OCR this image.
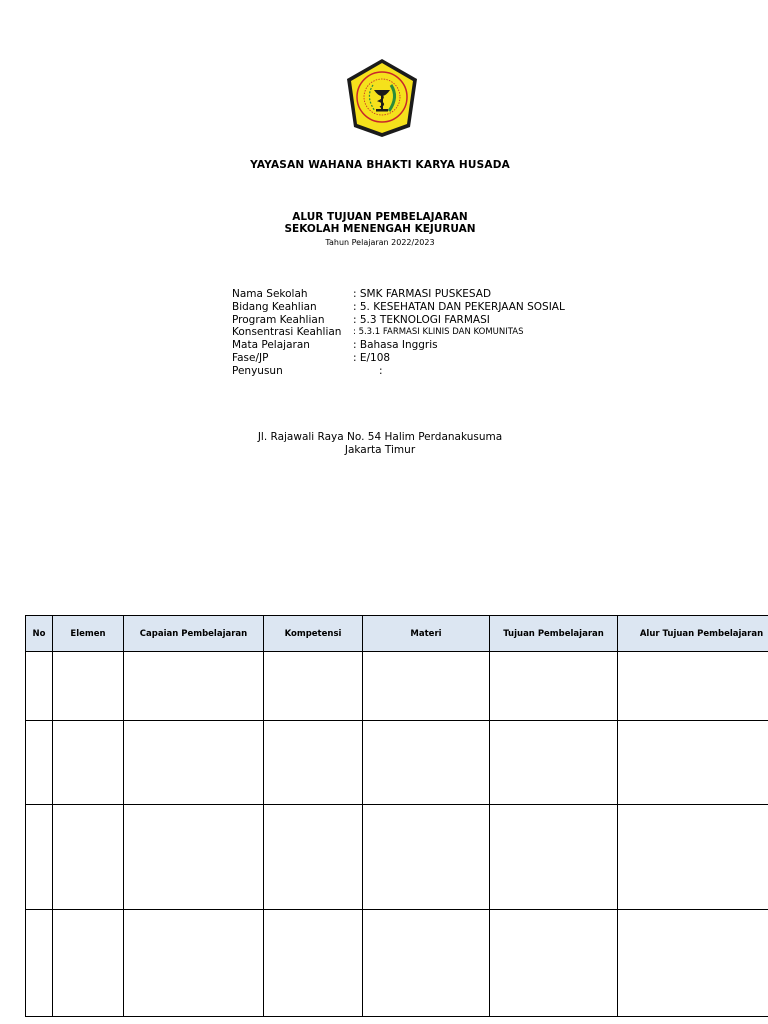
YAYASAN WAHANA BHAKTI KARYA HUSADA
ALUR TUJUAN PEMBELAJARAN
SEKOLAH MENENGAH KEJURUAN
Tahun Pelajaran 2022/2023
Nama Sekolah	: SMK FARMASI PUSKESAD
Bidang Keahlian	: 5. KESEHATAN DAN PEKERJAAN SOSIAL
Program Keahlian	: 5.3 TEKNOLOGI FARMASI
Konsentrasi Keahlian	: 5.3.1 FARMASI KLINIS DAN KOMUNITAS
Mata Pelajaran	: Bahasa Inggris
Fase/JP	: E/108
Penyusun	:
Jl. Rajawali Raya No. 54 Halim Perdanakusuma
Jakarta Timur
No	Elemen	Capaian Pembelajaran	Kompetensi	Materi	Tujuan Pembelajaran	Alur Tujuan Pembelajaran
